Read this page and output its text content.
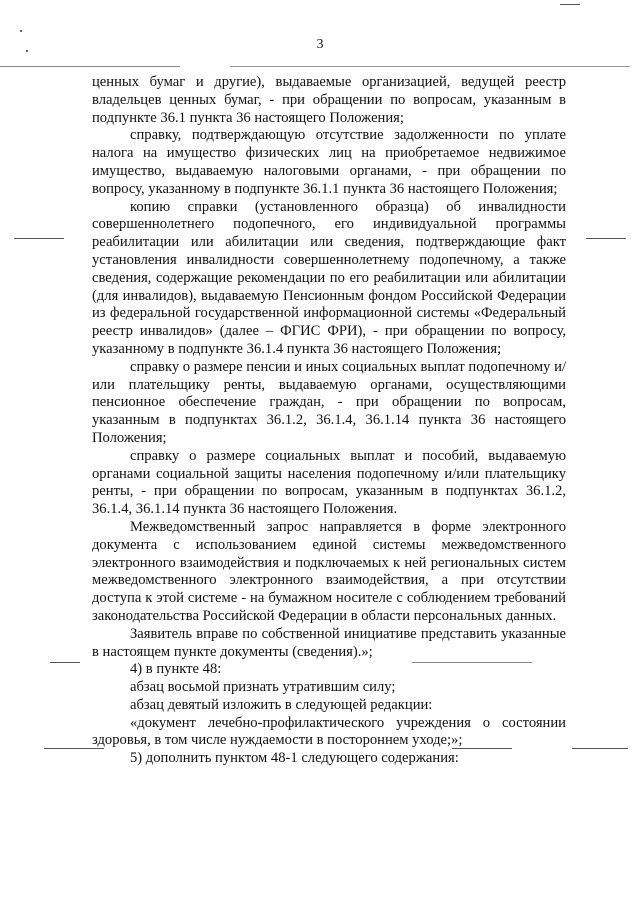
3

ценных бумаг и другие), выдаваемые организацией, ведущей реестр владельцев ценных бумаг, - при обращении по вопросам, указанным в подпункте 36.1 пункта 36 настоящего Положения;

справку, подтверждающую отсутствие задолженности по уплате налога на имущество физических лиц на приобретаемое недвижимое имущество, выдаваемую налоговыми органами, - при обращении по вопросу, указанному в подпункте 36.1.1 пункта 36 настоящего Положения;

копию справки (установленного образца) об инвалидности совершеннолетнего подопечного, его индивидуальной программы реабилитации или абилитации или сведения, подтверждающие факт установления инвалидности совершеннолетнему подопечному, а также сведения, содержащие рекомендации по его реабилитации или абилитации (для инвалидов), выдаваемую Пенсионным фондом Российской Федерации из федеральной государственной информационной системы «Федеральный реестр инвалидов» (далее – ФГИС ФРИ), - при обращении по вопросу, указанному в подпункте 36.1.4 пункта 36 настоящего Положения;

справку о размере пенсии и иных социальных выплат подопечному и/или плательщику ренты, выдаваемую органами, осуществляющими пенсионное обеспечение граждан, - при обращении по вопросам, указанным в подпунктах 36.1.2, 36.1.4, 36.1.14 пункта 36 настоящего Положения;

справку о размере социальных выплат и пособий, выдаваемую органами социальной защиты населения подопечному и/или плательщику ренты, - при обращении по вопросам, указанным в подпунктах 36.1.2, 36.1.4, 36.1.14 пункта 36 настоящего Положения.

Межведомственный запрос направляется в форме электронного документа с использованием единой системы межведомственного электронного взаимодействия и подключаемых к ней региональных систем межведомственного электронного взаимодействия, а при отсутствии доступа к этой системе - на бумажном носителе с соблюдением требований законодательства Российской Федерации в области персональных данных.

Заявитель вправе по собственной инициативе представить указанные в настоящем пункте документы (сведения).»;

4) в пункте 48:

абзац восьмой признать утратившим силу;

абзац девятый изложить в следующей редакции:

«документ лечебно-профилактического учреждения о состоянии здоровья, в том числе нуждаемости в постороннем уходе;»;

5) дополнить пунктом 48-1 следующего содержания:
